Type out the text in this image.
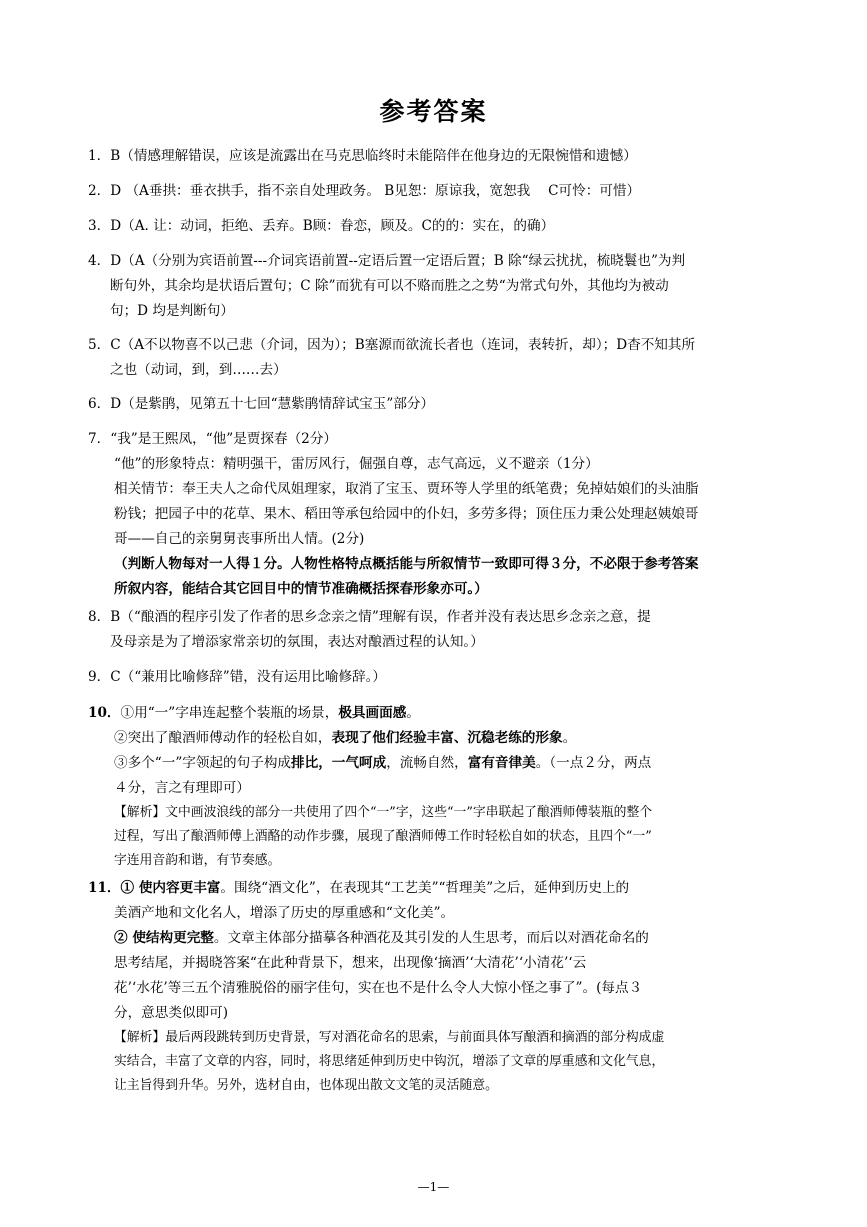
参考答案
1．B（情感理解错误，应该是流露出在马克思临终时未能陪伴在他身边的无限惋惜和遗憾）
2．D （A垂拱：垂衣拱手，指不亲自处理政务。 B见恕：原谅我，宽恕我　 C可怜：可惜）
3．D（A. 让：动词，拒绝、丢弃。B顾：眷恋，顾及。C的的：实在，的确）
4．D（A（分别为宾语前置---介词宾语前置--定语后置一定语后置；B 除“绿云扰扰，梳晓鬟也”为判
断句外，其余均是状语后置句；C 除”而犹有可以不赂而胜之之势“为常式句外，其他均为被动
句；D 均是判断句）
5．C（A不以物喜不以己悲（介词，因为）；B塞源而欲流长者也（连词，表转折，却）；D杳不知其所
之也（动词，到，到……去）
6．D（是紫鹃，见第五十七回“慧紫鹃情辞试宝玉”部分）
7．“我”是王熙凤，“他”是贾探春（2分）
“他”的形象特点：精明强干，雷厉风行，倔强自尊，志气高远，义不避亲（1分）
相关情节：奉王夫人之命代凤姐理家，取消了宝玉、贾环等人学里的纸笔费；免掉姑娘们的头油脂
粉钱；把园子中的花草、果木、稻田等承包给园中的仆妇，多劳多得；顶住压力秉公处理赵姨娘哥
哥——自己的亲舅舅丧事所出人情。(2分)
（判断人物每对一人得１分。人物性格特点概括能与所叙情节一致即可得３分，不必限于参考答案
所叙内容，能结合其它回目中的情节准确概括探春形象亦可。）
8．B（“酿酒的程序引发了作者的思乡念亲之情”理解有误，作者并没有表达思乡念亲之意，提
及母亲是为了增添家常亲切的氛围，表达对酿酒过程的认知。）
9．C（“兼用比喻修辞”错，没有运用比喻修辞。）
10．①用“一”字串连起整个装瓶的场景，极具画面感。
②突出了酿酒师傅动作的轻松自如，表现了他们经验丰富、沉稳老练的形象。
③多个“一”字领起的句子构成排比，一气呵成，流畅自然，富有音律美。（一点２分，两点
４分，言之有理即可）
【解析】文中画波浪线的部分一共使用了四个“一”字，这些“一”字串联起了酿酒师傅装瓶的整个
过程，写出了酿酒师傅上酒酪的动作步骤，展现了酿酒师傅工作时轻松自如的状态，且四个“一”
字连用音韵和谐，有节奏感。
11．① 使内容更丰富。围绕“酒文化”，在表现其“工艺美”“哲理美”之后，延伸到历史上的
美酒产地和文化名人，增添了历史的厚重感和“文化美”。
② 使结构更完整。文章主体部分描摹各种酒花及其引发的人生思考，而后以对酒花命名的
思考结尾，并揭晓答案“在此种背景下，想来，出现像‘摘酒’‘大清花’‘小清花’‘云
花’‘水花’等三五个清雅脱俗的丽字佳句，实在也不是什么令人大惊小怪之事了”。(每点３
分，意思类似即可)
【解析】最后两段跳转到历史背景，写对酒花命名的思索，与前面具体写酿酒和摘酒的部分构成虚
实结合，丰富了文章的内容，同时，将思绪延伸到历史中钩沉，增添了文章的厚重感和文化气息，
让主旨得到升华。另外，选材自由，也体现出散文文笔的灵活随意。
—1—
